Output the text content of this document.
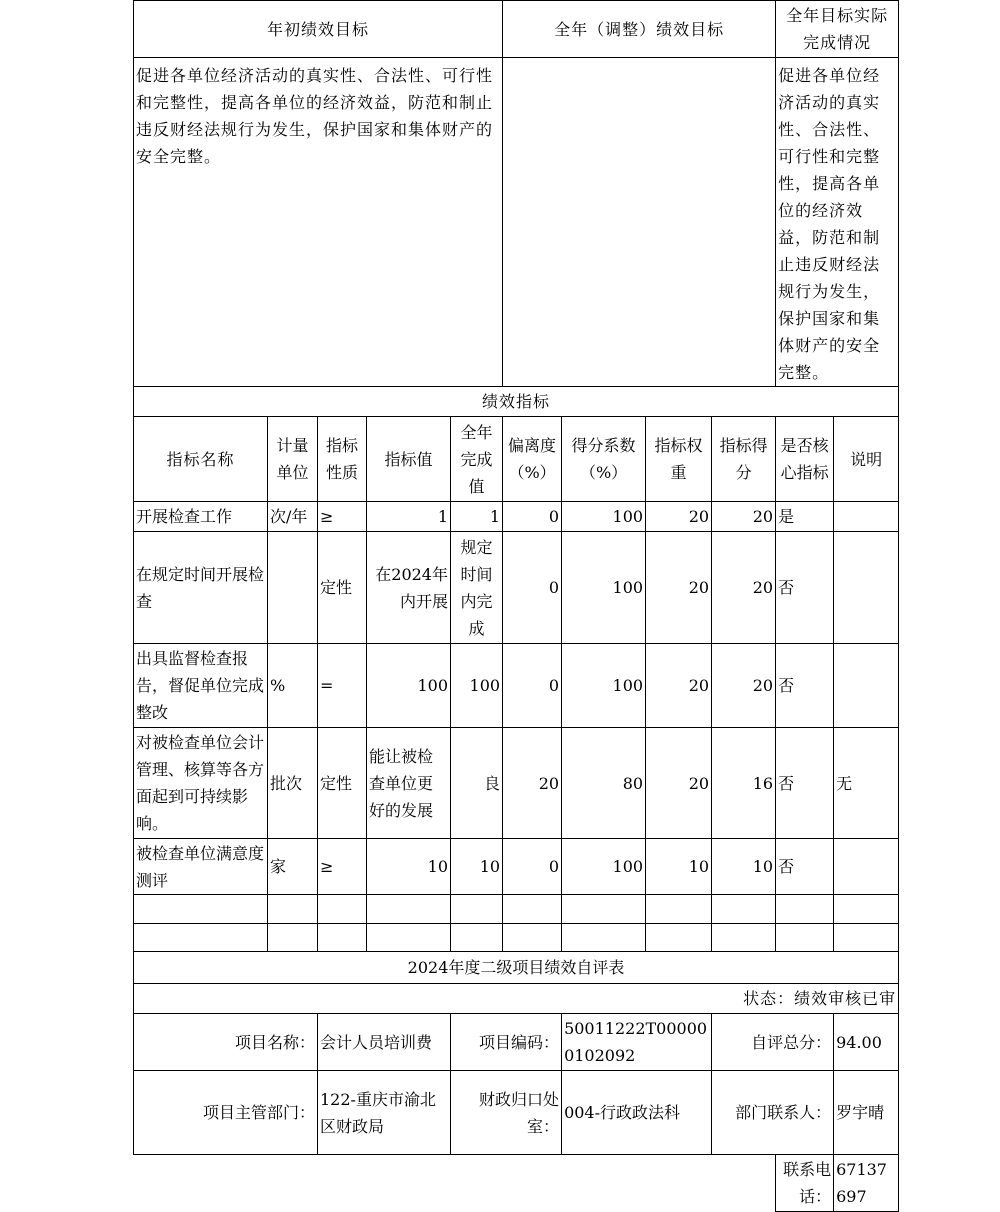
年初绩效目标					全年（调整）绩效目标				全年目标实际完成情况	
促进各单位经济活动的真实性、合法性、可行性和完整性，提高各单位的经济效益，防范和制止违反财经法规行为发生，保护国家和集体财产的安全完整。									促进各单位经济活动的真实性、合法性、可行性和完整性，提高各单位的经济效益，防范和制止违反财经法规行为发生，保护国家和集体财产的安全完整。	
绩效指标										
指标名称	计量单位	指标性质	指标值	全年完成值	偏离度（%）	得分系数（%）	指标权重	指标得分	是否核心指标	说明
开展检查工作	次/年	≥	1	1	0	100	20	20	是	
在规定时间开展检查		定性	在2024年内开展	规定时间内完成	0	100	20	20	否	
出具监督检查报告，督促单位完成整改	%	=	100	100	0	100	20	20	否	
对被检查单位会计管理、核算等各方面起到可持续影响。	批次	定性	能让被检查单位更好的发展	良	20	80	20	16	否	无
被检查单位满意度测评	家	≥	10	10	0	100	10	10	否	

2024年度二级项目绩效自评表										
状态：绩效审核已审										
项目名称：		会计人员培训费		项目编码：		50011222T000000102092		自评总分：		94.00
项目主管部门：		122-重庆市渝北区财政局		财政归口处室：		004-行政政法科		部门联系人：		罗宇晴
									联系电话：	67137697
